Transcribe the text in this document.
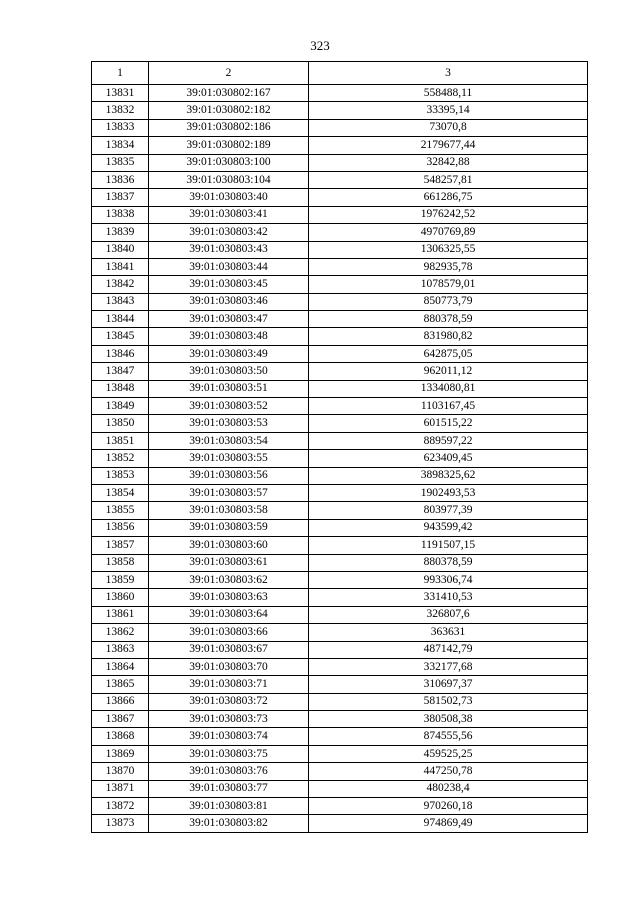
323
1	2	3
13831	39:01:030802:167	558488,11
13832	39:01:030802:182	33395,14
13833	39:01:030802:186	73070,8
13834	39:01:030802:189	2179677,44
13835	39:01:030803:100	32842,88
13836	39:01:030803:104	548257,81
13837	39:01:030803:40	661286,75
13838	39:01:030803:41	1976242,52
13839	39:01:030803:42	4970769,89
13840	39:01:030803:43	1306325,55
13841	39:01:030803:44	982935,78
13842	39:01:030803:45	1078579,01
13843	39:01:030803:46	850773,79
13844	39:01:030803:47	880378,59
13845	39:01:030803:48	831980,82
13846	39:01:030803:49	642875,05
13847	39:01:030803:50	962011,12
13848	39:01:030803:51	1334080,81
13849	39:01:030803:52	1103167,45
13850	39:01:030803:53	601515,22
13851	39:01:030803:54	889597,22
13852	39:01:030803:55	623409,45
13853	39:01:030803:56	3898325,62
13854	39:01:030803:57	1902493,53
13855	39:01:030803:58	803977,39
13856	39:01:030803:59	943599,42
13857	39:01:030803:60	1191507,15
13858	39:01:030803:61	880378,59
13859	39:01:030803:62	993306,74
13860	39:01:030803:63	331410,53
13861	39:01:030803:64	326807,6
13862	39:01:030803:66	363631
13863	39:01:030803:67	487142,79
13864	39:01:030803:70	332177,68
13865	39:01:030803:71	310697,37
13866	39:01:030803:72	581502,73
13867	39:01:030803:73	380508,38
13868	39:01:030803:74	874555,56
13869	39:01:030803:75	459525,25
13870	39:01:030803:76	447250,78
13871	39:01:030803:77	480238,4
13872	39:01:030803:81	970260,18
13873	39:01:030803:82	974869,49
